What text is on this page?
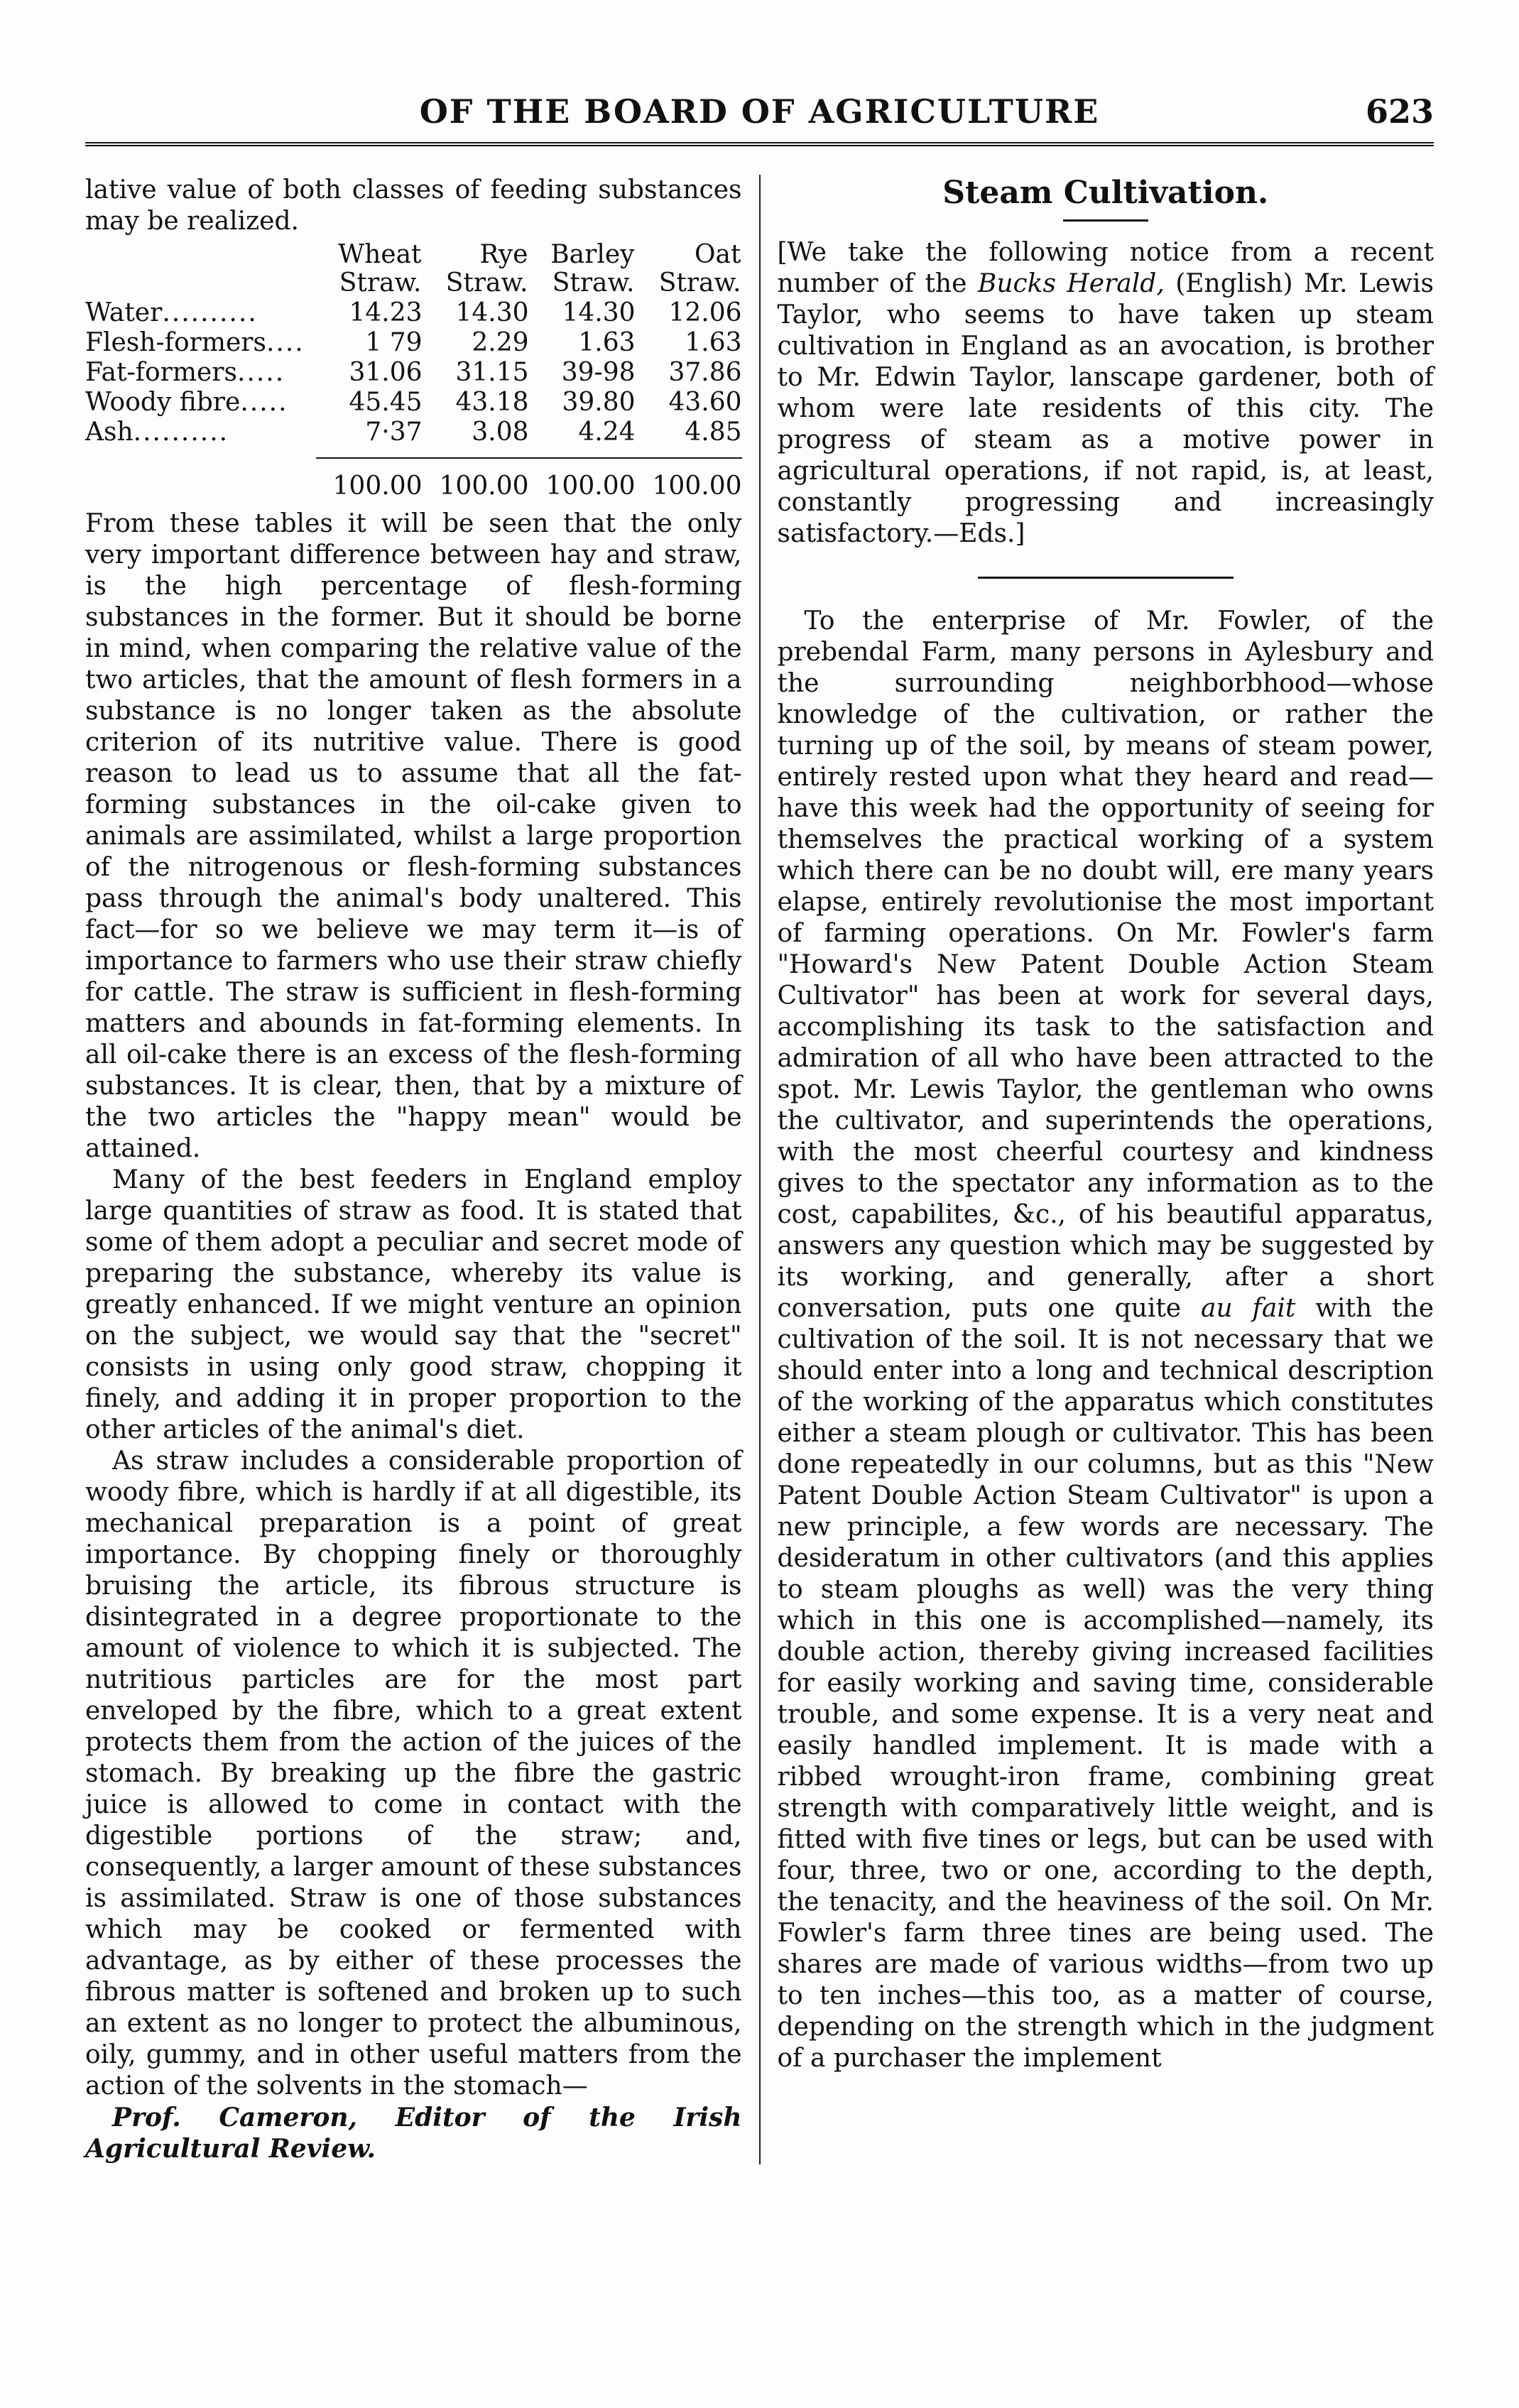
OF THE BOARD OF AGRICULTURE	623

lative value of both classes of feeding substances may be realized.

	Wheat Straw.	Rye Straw.	Barley Straw.	Oat Straw.
Water..........	14.23	14.30	14.30	12.06
Flesh-formers....	1 79	2.29	1.63	1.63
Fat-formers.....	31.06	31.15	39-98	37.86
Woody fibre.....	45.45	43.18	39.80	43.60
Ash..........	7·37	3.08	4.24	4.85

	100.00	100.00	100.00	100.00

From these tables it will be seen that the only very important difference between hay and straw, is the high percentage of flesh-forming substances in the former. But it should be borne in mind, when comparing the relative value of the two articles, that the amount of flesh formers in a substance is no longer taken as the absolute criterion of its nutritive value. There is good reason to lead us to assume that all the fat-forming substances in the oil-cake given to animals are assimilated, whilst a large proportion of the nitrogenous or flesh-forming substances pass through the animal's body unaltered. This fact—for so we believe we may term it—is of importance to farmers who use their straw chiefly for cattle. The straw is sufficient in flesh-forming matters and abounds in fat-forming elements. In all oil-cake there is an excess of the flesh-forming substances. It is clear, then, that by a mixture of the two articles the "happy mean" would be attained.

Many of the best feeders in England employ large quantities of straw as food. It is stated that some of them adopt a peculiar and secret mode of preparing the substance, whereby its value is greatly enhanced. If we might venture an opinion on the subject, we would say that the "secret" consists in using only good straw, chopping it finely, and adding it in proper proportion to the other articles of the animal's diet.

As straw includes a considerable proportion of woody fibre, which is hardly if at all digestible, its mechanical preparation is a point of great importance. By chopping finely or thoroughly bruising the article, its fibrous structure is disintegrated in a degree proportionate to the amount of violence to which it is subjected. The nutritious particles are for the most part enveloped by the fibre, which to a great extent protects them from the action of the juices of the stomach. By breaking up the fibre the gastric juice is allowed to come in contact with the digestible portions of the straw; and, consequently, a larger amount of these substances is assimilated. Straw is one of those substances which may be cooked or fermented with advantage, as by either of these processes the fibrous matter is softened and broken up to such an extent as no longer to protect the albuminous, oily, gummy, and in other useful matters from the action of the solvents in the stomach—

Prof. Cameron, Editor of the Irish Agricultural Review.

Steam Cultivation.

[We take the following notice from a recent number of the Bucks Herald, (English) Mr. Lewis Taylor, who seems to have taken up steam cultivation in England as an avocation, is brother to Mr. Edwin Taylor, lanscape gardener, both of whom were late residents of this city. The progress of steam as a motive power in agricultural operations, if not rapid, is, at least, constantly progressing and increasingly satisfactory.—Eds.]

To the enterprise of Mr. Fowler, of the prebendal Farm, many persons in Aylesbury and the surrounding neighborbhood—whose knowledge of the cultivation, or rather the turning up of the soil, by means of steam power, entirely rested upon what they heard and read—have this week had the opportunity of seeing for themselves the practical working of a system which there can be no doubt will, ere many years elapse, entirely revolutionise the most important of farming operations. On Mr. Fowler's farm "Howard's New Patent Double Action Steam Cultivator" has been at work for several days, accomplishing its task to the satisfaction and admiration of all who have been attracted to the spot. Mr. Lewis Taylor, the gentleman who owns the cultivator, and superintends the operations, with the most cheerful courtesy and kindness gives to the spectator any information as to the cost, capabilites, &c., of his beautiful apparatus, answers any question which may be suggested by its working, and generally, after a short conversation, puts one quite au fait with the cultivation of the soil. It is not necessary that we should enter into a long and technical description of the working of the apparatus which constitutes either a steam plough or cultivator. This has been done repeatedly in our columns, but as this "New Patent Double Action Steam Cultivator" is upon a new principle, a few words are necessary. The desideratum in other cultivators (and this applies to steam ploughs as well) was the very thing which in this one is accomplished—namely, its double action, thereby giving increased facilities for easily working and saving time, considerable trouble, and some expense. It is a very neat and easily handled implement. It is made with a ribbed wrought-iron frame, combining great strength with comparatively little weight, and is fitted with five tines or legs, but can be used with four, three, two or one, according to the depth, the tenacity, and the heaviness of the soil. On Mr. Fowler's farm three tines are being used. The shares are made of various widths—from two up to ten inches—this too, as a matter of course, depending on the strength which in the judgment of a purchaser the implement
